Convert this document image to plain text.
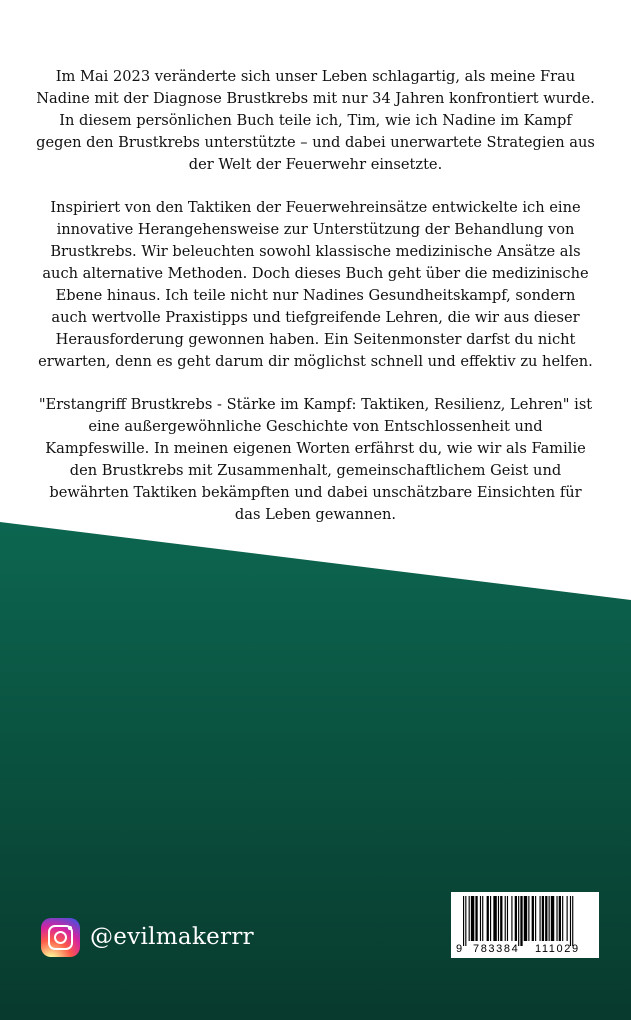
Im Mai 2023 veränderte sich unser Leben schlagartig, als meine Frau Nadine mit der Diagnose Brustkrebs mit nur 34 Jahren konfrontiert wurde. In diesem persönlichen Buch teile ich, Tim, wie ich Nadine im Kampf gegen den Brustkrebs unterstützte – und dabei unerwartete Strategien aus der Welt der Feuerwehr einsetzte.

Inspiriert von den Taktiken der Feuerwehreinsätze entwickelte ich eine innovative Herangehensweise zur Unterstützung der Behandlung von Brustkrebs. Wir beleuchten sowohl klassische medizinische Ansätze als auch alternative Methoden. Doch dieses Buch geht über die medizinische Ebene hinaus. Ich teile nicht nur Nadines Gesundheitskampf, sondern auch wertvolle Praxistipps und tiefgreifende Lehren, die wir aus dieser Herausforderung gewonnen haben. Ein Seitenmonster darfst du nicht erwarten, denn es geht darum dir möglichst schnell und effektiv zu helfen.

"Erstangriff Brustkrebs - Stärke im Kampf: Taktiken, Resilienz, Lehren" ist eine außergewöhnliche Geschichte von Entschlossenheit und Kampfeswille. In meinen eigenen Worten erfährst du, wie wir als Familie den Brustkrebs mit Zusammenhalt, gemeinschaftlichem Geist und bewährten Taktiken bekämpften und dabei unschätzbare Einsichten für das Leben gewannen.

@evilmakerrr	9 783384 111029
